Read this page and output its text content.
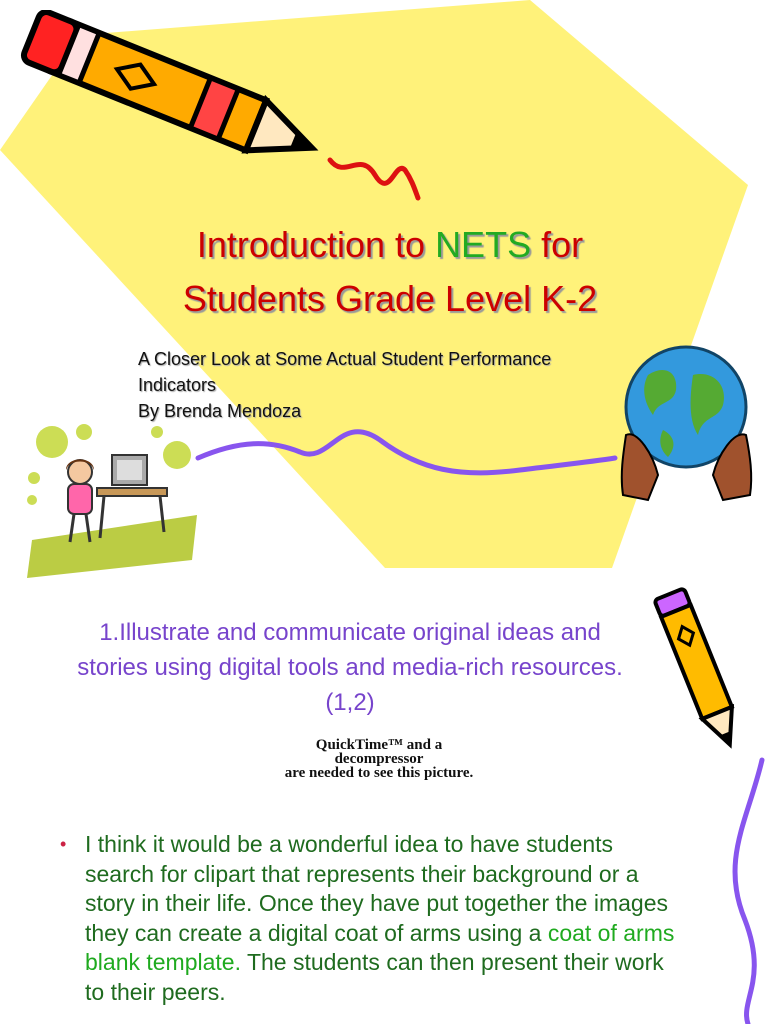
Introduction to NETS for
Students Grade Level K-2
A Closer Look at Some Actual Student Performance
Indicators
By Brenda Mendoza
1.Illustrate and communicate original ideas and stories using digital tools and media-rich resources. (1,2)
QuickTime™ and a
decompressor
are needed to see this picture.
• I think it would be a wonderful idea to have students search for clipart that represents their background or a story in their life. Once they have put together the images they can create a digital coat of arms using a coat of arms blank template. The students can then present their work to their peers.
